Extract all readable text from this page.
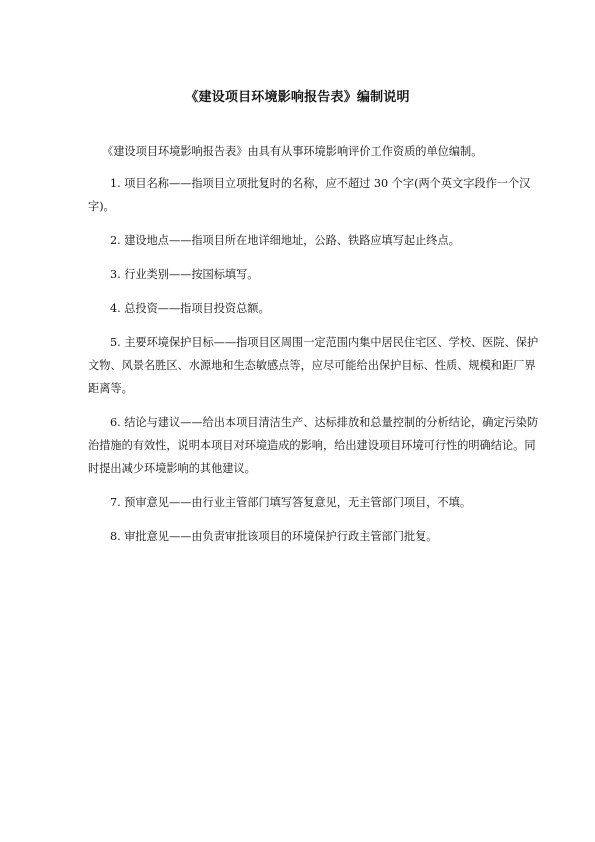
《建设项目环境影响报告表》编制说明

《建设项目环境影响报告表》由具有从事环境影响评价工作资质的单位编制。

1. 项目名称——指项目立项批复时的名称，应不超过 30 个字(两个英文字段作一个汉字)。

2. 建设地点——指项目所在地详细地址，公路、铁路应填写起止终点。

3. 行业类别——按国标填写。

4. 总投资——指项目投资总额。

5. 主要环境保护目标——指项目区周围一定范围内集中居民住宅区、学校、医院、保护文物、风景名胜区、水源地和生态敏感点等，应尽可能给出保护目标、性质、规模和距厂界距离等。

6. 结论与建议——给出本项目清洁生产、达标排放和总量控制的分析结论，确定污染防治措施的有效性，说明本项目对环境造成的影响，给出建设项目环境可行性的明确结论。同时提出减少环境影响的其他建议。

7. 预审意见——由行业主管部门填写答复意见，无主管部门项目，不填。

8. 审批意见——由负责审批该项目的环境保护行政主管部门批复。
